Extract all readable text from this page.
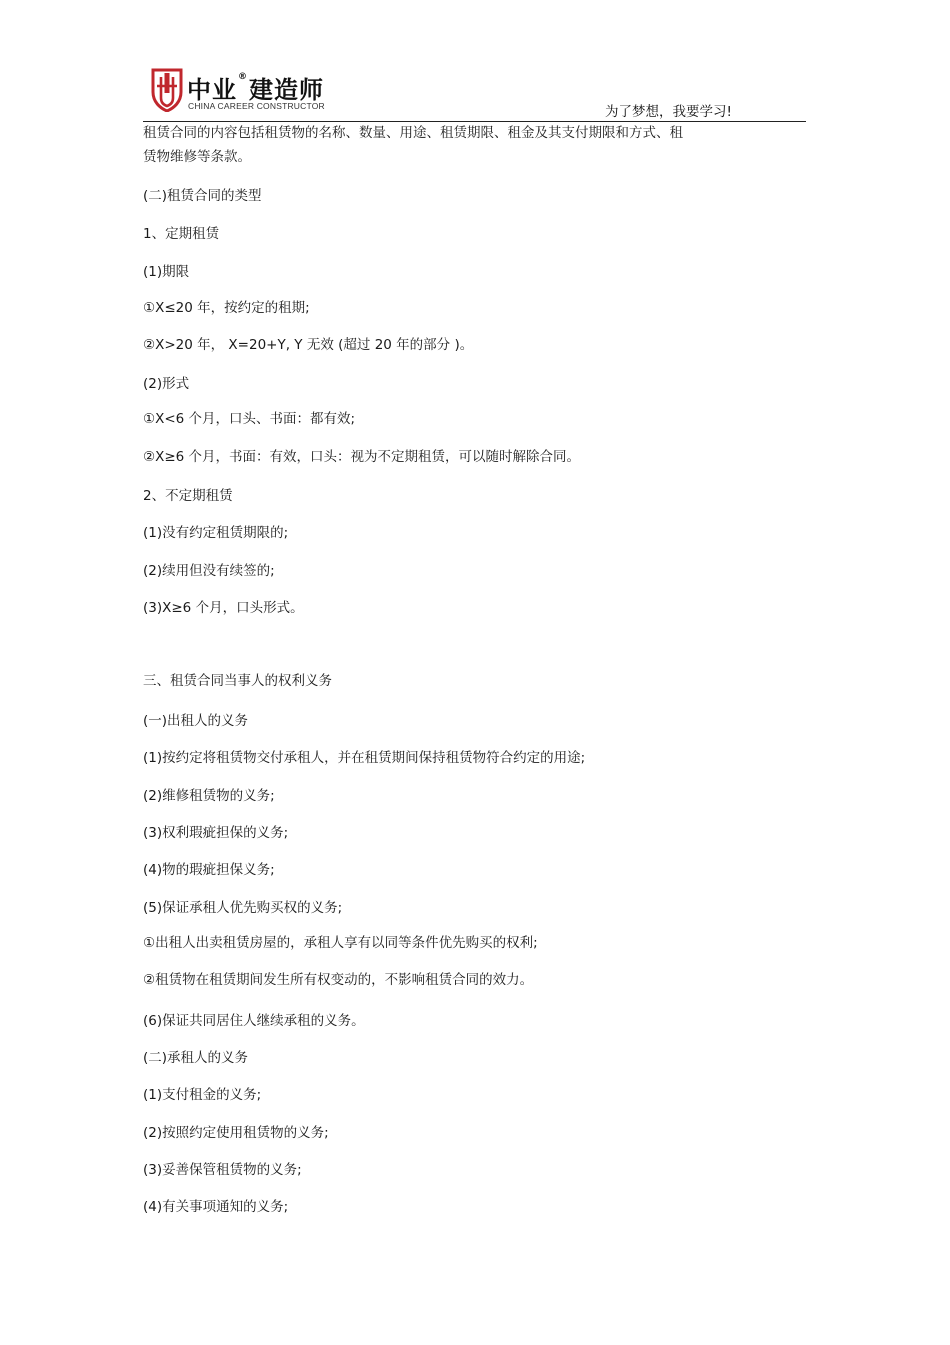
中业®建造师
CHINA CAREER CONSTRUCTOR	为了梦想，我要学习!
租赁合同的内容包括租赁物的名称、数量、用途、租赁期限、租金及其支付期限和方式、租
赁物维修等条款。
(二)租赁合同的类型
1、定期租赁
(1)期限
①X≤20 年，按约定的租期;
②X>20 年， X=20+Y, Y 无效 (超过 20 年的部分 )。
(2)形式
①X<6 个月，口头、书面：都有效;
②X≥6 个月，书面：有效，口头：视为不定期租赁，可以随时解除合同。
2、不定期租赁
(1)没有约定租赁期限的;
(2)续用但没有续签的;
(3)X≥6 个月，口头形式。
三、租赁合同当事人的权利义务
(一)出租人的义务
(1)按约定将租赁物交付承租人，并在租赁期间保持租赁物符合约定的用途;
(2)维修租赁物的义务;
(3)权利瑕疵担保的义务;
(4)物的瑕疵担保义务;
(5)保证承租人优先购买权的义务;
①出租人出卖租赁房屋的，承租人享有以同等条件优先购买的权利;
②租赁物在租赁期间发生所有权变动的，不影响租赁合同的效力。
(6)保证共同居住人继续承租的义务。
(二)承租人的义务
(1)支付租金的义务;
(2)按照约定使用租赁物的义务;
(3)妥善保管租赁物的义务;
(4)有关事项通知的义务;
